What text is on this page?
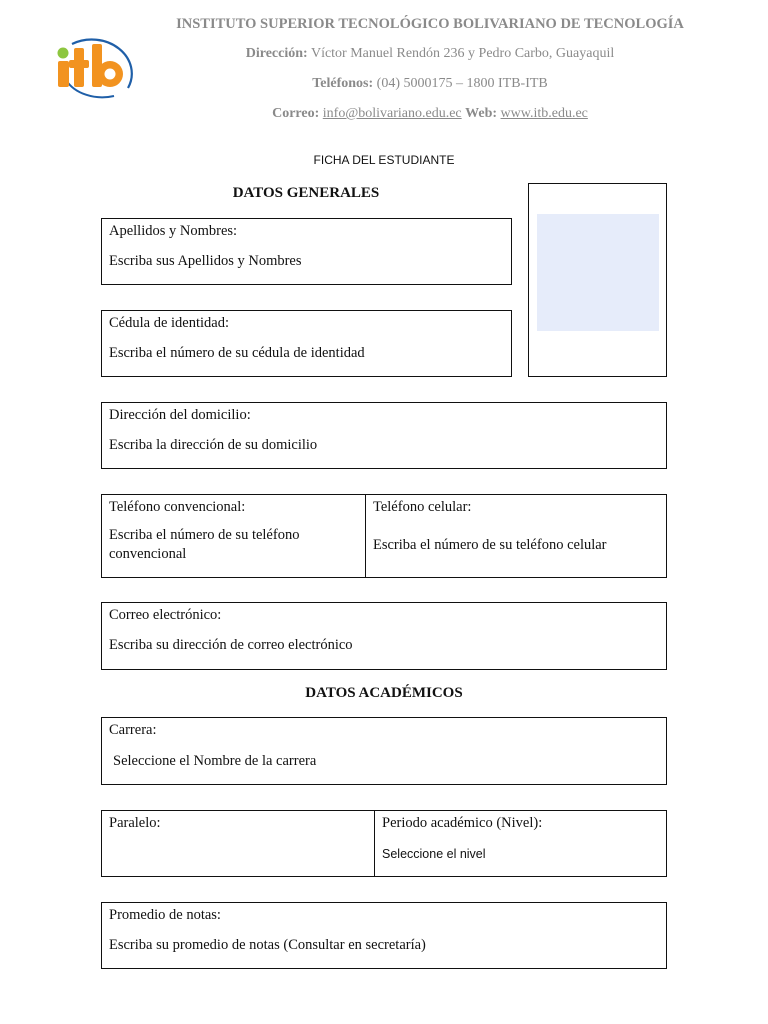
INSTITUTO SUPERIOR TECNOLÓGICO BOLIVARIANO DE TECNOLOGÍA
Dirección: Víctor Manuel Rendón 236 y Pedro Carbo, Guayaquil
Teléfonos: (04) 5000175 – 1800 ITB-ITB
Correo: info@bolivariano.edu.ec Web: www.itb.edu.ec
FICHA DEL ESTUDIANTE
DATOS GENERALES
Apellidos y Nombres:
Escriba sus Apellidos y Nombres
Cédula de identidad:
Escriba el número de su cédula de identidad
Dirección del domicilio:
Escriba la dirección de su domicilio
Teléfono convencional:
Escriba el número de su teléfono convencional
Teléfono celular:
Escriba el número de su teléfono celular
Correo electrónico:
Escriba su dirección de correo electrónico
DATOS ACADÉMICOS
Carrera:
Seleccione el Nombre de la carrera
Paralelo:	Periodo académico (Nivel):
Seleccione el nivel
Promedio de notas:
Escriba su promedio de notas (Consultar en secretaría)
